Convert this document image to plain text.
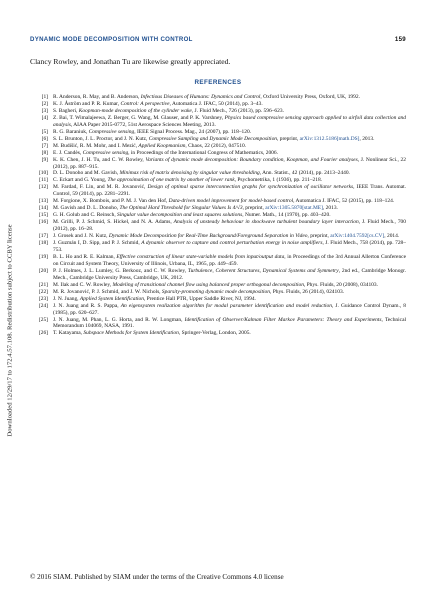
Downloaded 12/29/17 to 172.4.57.108. Redistribution subject to CCBY license
DYNAMIC MODE DECOMPOSITION WITH CONTROL	159
Clancy Rowley, and Jonathan Tu are likewise greatly appreciated.
REFERENCES
[1] R. Anderson, R. May, and B. Anderson, Infectious Diseases of Humans: Dynamics and Control, Oxford University Press, Oxford, UK, 1992.
[2] K. J. Åström and P. R. Kumar, Control: A perspective, Automatica J. IFAC, 50 (2014), pp. 3–43.
[3] S. Bagheri, Koopman-mode decomposition of the cylinder wake, J. Fluid Mech., 726 (2013), pp. 596–623.
[4] Z. Bai, T. Wimalajeewa, Z. Berger, G. Wang, M. Glauser, and P. K. Varshney, Physics based compressive sensing approach applied to airfoil data collection and analysis, AIAA Paper 2015-0772, 51st Aerospace Sciences Meeting, 2013.
[5] R. G. Baraniuk, Compressive sensing, IEEE Signal Process. Mag., 24 (2007), pp. 118–120.
[6] S. L. Brunton, J. L. Proctor, and J. N. Kutz, Compressive Sampling and Dynamic Mode Decomposition, preprint, arXiv:1312.5186[math.DS], 2013.
[7] M. Budišić, R. M. Mohr, and I. Mezić, Applied Koopmanism, Chaos, 22 (2012), 047510.
[8] E. J. Candès, Compressive sensing, in Proceedings of the International Congress of Mathematics, 2006.
[9] K. K. Chen, J. H. Tu, and C. W. Rowley, Variants of dynamic mode decomposition: Boundary condition, Koopman, and Fourier analyses, J. Nonlinear Sci., 22 (2012), pp. 887–915.
[10] D. L. Donoho and M. Gavish, Minimax risk of matrix denoising by singular value thresholding, Ann. Statist., 42 (2014), pp. 2413–2440.
[11] C. Eckart and G. Young, The approximation of one matrix by another of lower rank, Psychometrika, 1 (1936), pp. 211–218.
[12] M. Fardad, F. Lin, and M. R. Jovanović, Design of optimal sparse interconnection graphs for synchronization of oscillator networks, IEEE Trans. Automat. Control, 59 (2014), pp. 2281–2291.
[13] M. Forgione, X. Bombois, and P. M. J. Van den Hof, Data-driven model improvement for model-based control, Automatica J. IFAC, 52 (2015), pp. 118–124.
[14] M. Gavish and D. L. Donoho, The Optimal Hard Threshold for Singular Values Is 4/√3, preprint, arXiv:1305.5870[stat.ME], 2013.
[15] G. H. Golub and C. Reinsch, Singular value decomposition and least squares solutions, Numer. Math., 14 (1970), pp. 403–420.
[16] M. Grilli, P. J. Schmid, S. Hickel, and N. A. Adams, Analysis of unsteady behaviour in shockwave turbulent boundary layer interaction, J. Fluid Mech., 700 (2012), pp. 16–28.
[17] J. Grosek and J. N. Kutz, Dynamic Mode Decomposition for Real-Time Background/Foreground Separation in Video, preprint, arXiv:1404.7592[cs.CV], 2014.
[18] J. Guzmán I, D. Sipp, and P. J. Schmid, A dynamic observer to capture and control perturbation energy in noise amplifiers, J. Fluid Mech., 758 (2014), pp. 728–753.
[19] B. L. Ho and R. E. Kalman, Effective construction of linear state-variable models from input/output data, in Proceedings of the 3rd Annual Allerton Conference on Circuit and System Theory, University of Illinois, Urbana, IL, 1965, pp. 449–459.
[20] P. J. Holmes, J. L. Lumley, G. Berkooz, and C. W. Rowley, Turbulence, Coherent Structures, Dynamical Systems and Symmetry, 2nd ed., Cambridge Monogr. Mech., Cambridge University Press, Cambridge, UK, 2012.
[21] M. Ilak and C. W. Rowley, Modeling of transitional channel flow using balanced proper orthogonal decomposition, Phys. Fluids, 20 (2008), 034103.
[22] M. R. Jovanović, P. J. Schmid, and J. W. Nichols, Sparsity-promoting dynamic mode decomposition, Phys. Fluids, 26 (2014), 024103.
[23] J. N. Juang, Applied System Identification, Prentice Hall PTR, Upper Saddle River, NJ, 1994.
[24] J. N. Juang and R. S. Pappa, An eigensystem realization algorithm for modal parameter identification and model reduction, J. Guidance Control Dynam., 8 (1985), pp. 620–627.
[25] J. N. Juang, M. Phan, L. G. Horta, and R. W. Longman, Identification of Observer/Kalman Filter Markov Parameters: Theory and Experiments, Technical Memorandum 104069, NASA, 1991.
[26] T. Katayama, Subspace Methods for System Identification, Springer-Verlag, London, 2005.
© 2016 SIAM. Published by SIAM under the terms of the Creative Commons 4.0 license
